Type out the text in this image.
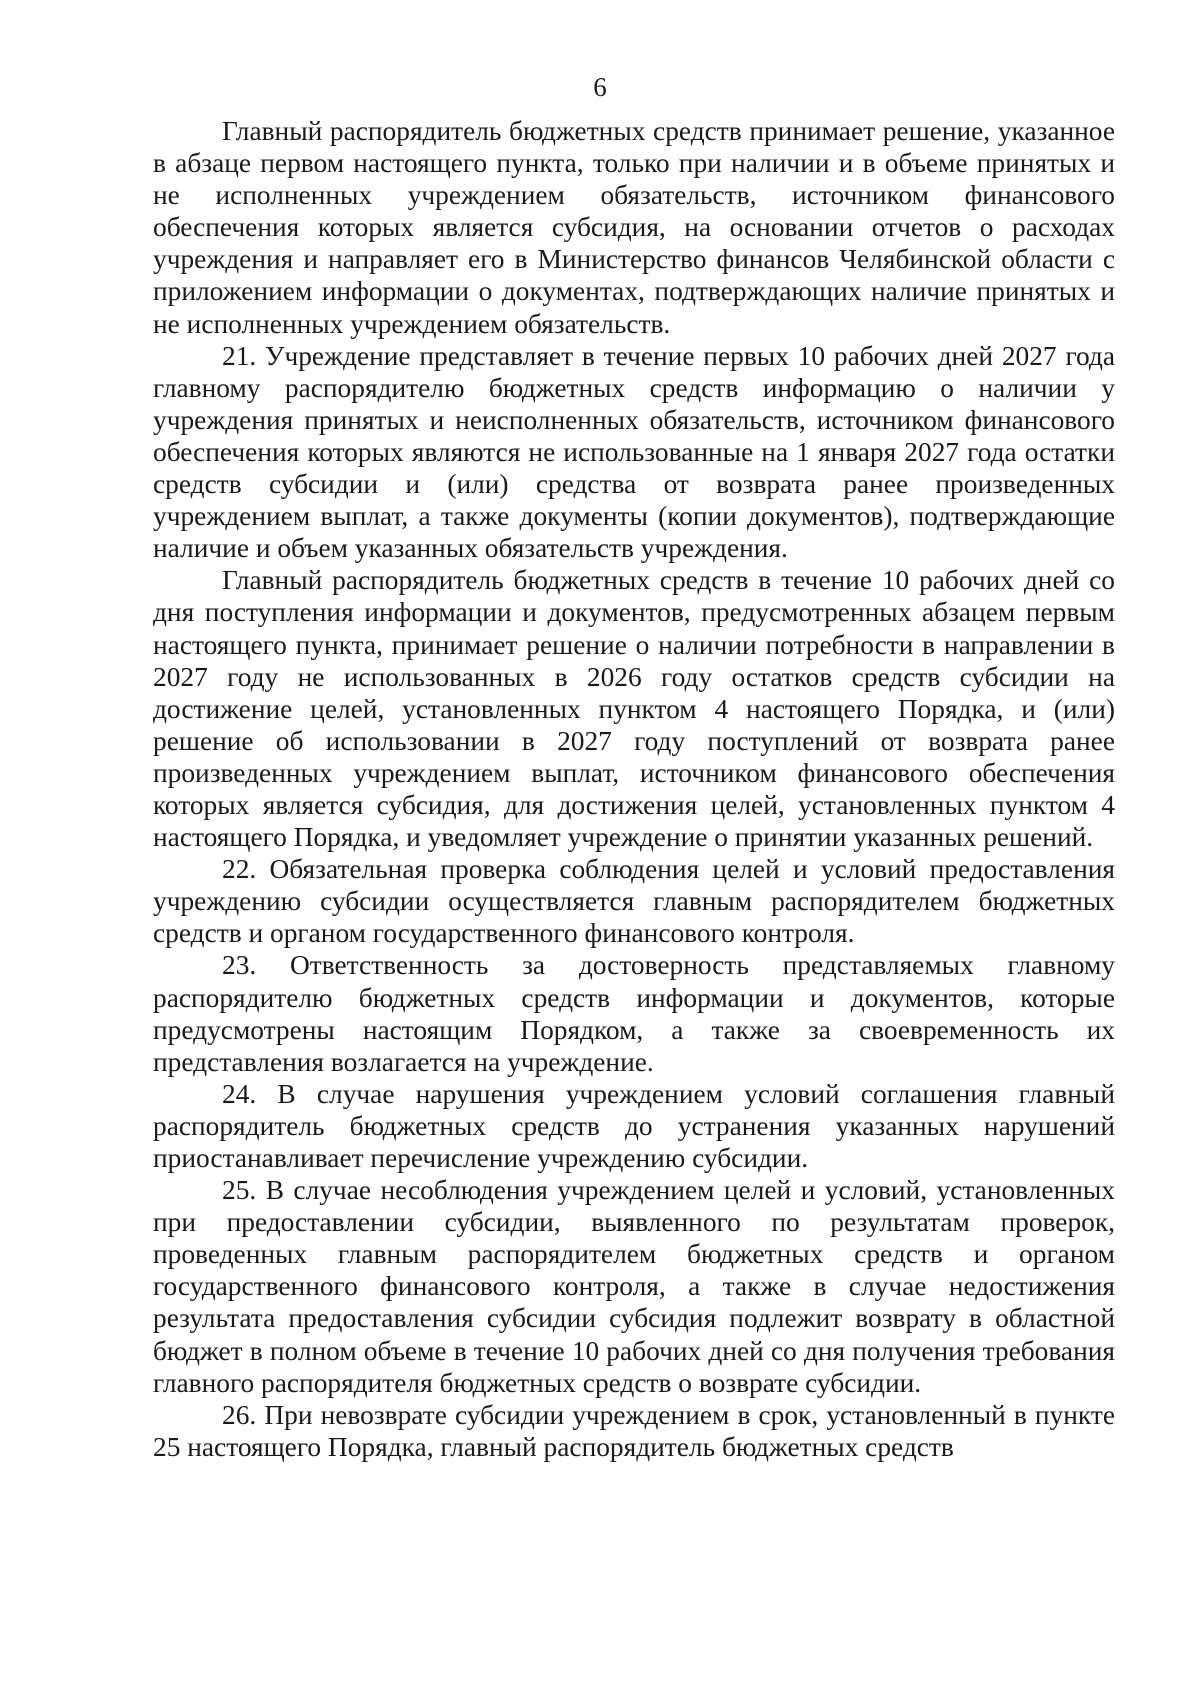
6

Главный распорядитель бюджетных средств принимает решение, указанное в абзаце первом настоящего пункта, только при наличии и в объеме принятых и не исполненных учреждением обязательств, источником финансового обеспечения которых является субсидия, на основании отчетов о расходах учреждения и направляет его в Министерство финансов Челябинской области с приложением информации о документах, подтверждающих наличие принятых и не исполненных учреждением обязательств.

21. Учреждение представляет в течение первых 10 рабочих дней 2027 года главному распорядителю бюджетных средств информацию о наличии у учреждения принятых и неисполненных обязательств, источником финансового обеспечения которых являются не использованные на 1 января 2027 года остатки средств субсидии и (или) средства от возврата ранее произведенных учреждением выплат, а также документы (копии документов), подтверждающие наличие и объем указанных обязательств учреждения.

Главный распорядитель бюджетных средств в течение 10 рабочих дней со дня поступления информации и документов, предусмотренных абзацем первым настоящего пункта, принимает решение о наличии потребности в направлении в 2027 году не использованных в 2026 году остатков средств субсидии на достижение целей, установленных пунктом 4 настоящего Порядка, и (или) решение об использовании в 2027 году поступлений от возврата ранее произведенных учреждением выплат, источником финансового обеспечения которых является субсидия, для достижения целей, установленных пунктом 4 настоящего Порядка, и уведомляет учреждение о принятии указанных решений.

22. Обязательная проверка соблюдения целей и условий предоставления учреждению субсидии осуществляется главным распорядителем бюджетных средств и органом государственного финансового контроля.

23. Ответственность за достоверность представляемых главному распорядителю бюджетных средств информации и документов, которые предусмотрены настоящим Порядком, а также за своевременность их представления возлагается на учреждение.

24. В случае нарушения учреждением условий соглашения главный распорядитель бюджетных средств до устранения указанных нарушений приостанавливает перечисление учреждению субсидии.

25. В случае несоблюдения учреждением целей и условий, установленных при предоставлении субсидии, выявленного по результатам проверок, проведенных главным распорядителем бюджетных средств и органом государственного финансового контроля, а также в случае недостижения результата предоставления субсидии субсидия подлежит возврату в областной бюджет в полном объеме в течение 10 рабочих дней со дня получения требования главного распорядителя бюджетных средств о возврате субсидии.

26. При невозврате субсидии учреждением в срок, установленный в пункте 25 настоящего Порядка, главный распорядитель бюджетных средств
